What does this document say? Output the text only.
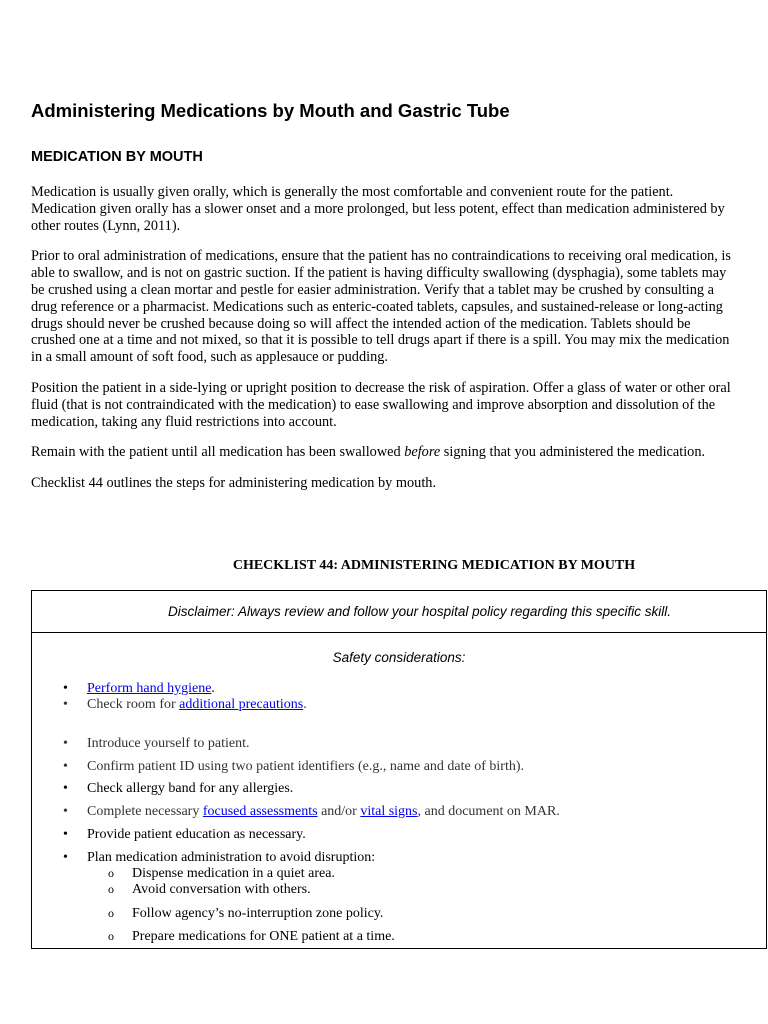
Administering Medications by Mouth and Gastric Tube
MEDICATION BY MOUTH

Medication is usually given orally, which is generally the most comfortable and convenient route for the patient. Medication given orally has a slower onset and a more prolonged, but less potent, effect than medication administered by other routes (Lynn, 2011).

Prior to oral administration of medications, ensure that the patient has no contraindications to receiving oral medication, is able to swallow, and is not on gastric suction. If the patient is having difficulty swallowing (dysphagia), some tablets may be crushed using a clean mortar and pestle for easier administration. Verify that a tablet may be crushed by consulting a drug reference or a pharmacist. Medications such as enteric-coated tablets, capsules, and sustained-release or long-acting drugs should never be crushed because doing so will affect the intended action of the medication. Tablets should be crushed one at a time and not mixed, so that it is possible to tell drugs apart if there is a spill. You may mix the medication in a small amount of soft food, such as applesauce or pudding.

Position the patient in a side-lying or upright position to decrease the risk of aspiration. Offer a glass of water or other oral fluid (that is not contraindicated with the medication) to ease swallowing and improve absorption and dissolution of the medication, taking any fluid restrictions into account.

Remain with the patient until all medication has been swallowed before signing that you administered the medication.

Checklist 44 outlines the steps for administering medication by mouth.

CHECKLIST 44: ADMINISTERING MEDICATION BY MOUTH
Disclaimer: Always review and follow your hospital policy regarding this specific skill.
Safety considerations:
• Perform hand hygiene.
• Check room for additional precautions.
• Introduce yourself to patient.
• Confirm patient ID using two patient identifiers (e.g., name and date of birth).
• Check allergy band for any allergies.
• Complete necessary focused assessments and/or vital signs, and document on MAR.
• Provide patient education as necessary.
• Plan medication administration to avoid disruption:
o Dispense medication in a quiet area.
o Avoid conversation with others.
o Follow agency’s no-interruption zone policy.
o Prepare medications for ONE patient at a time.
